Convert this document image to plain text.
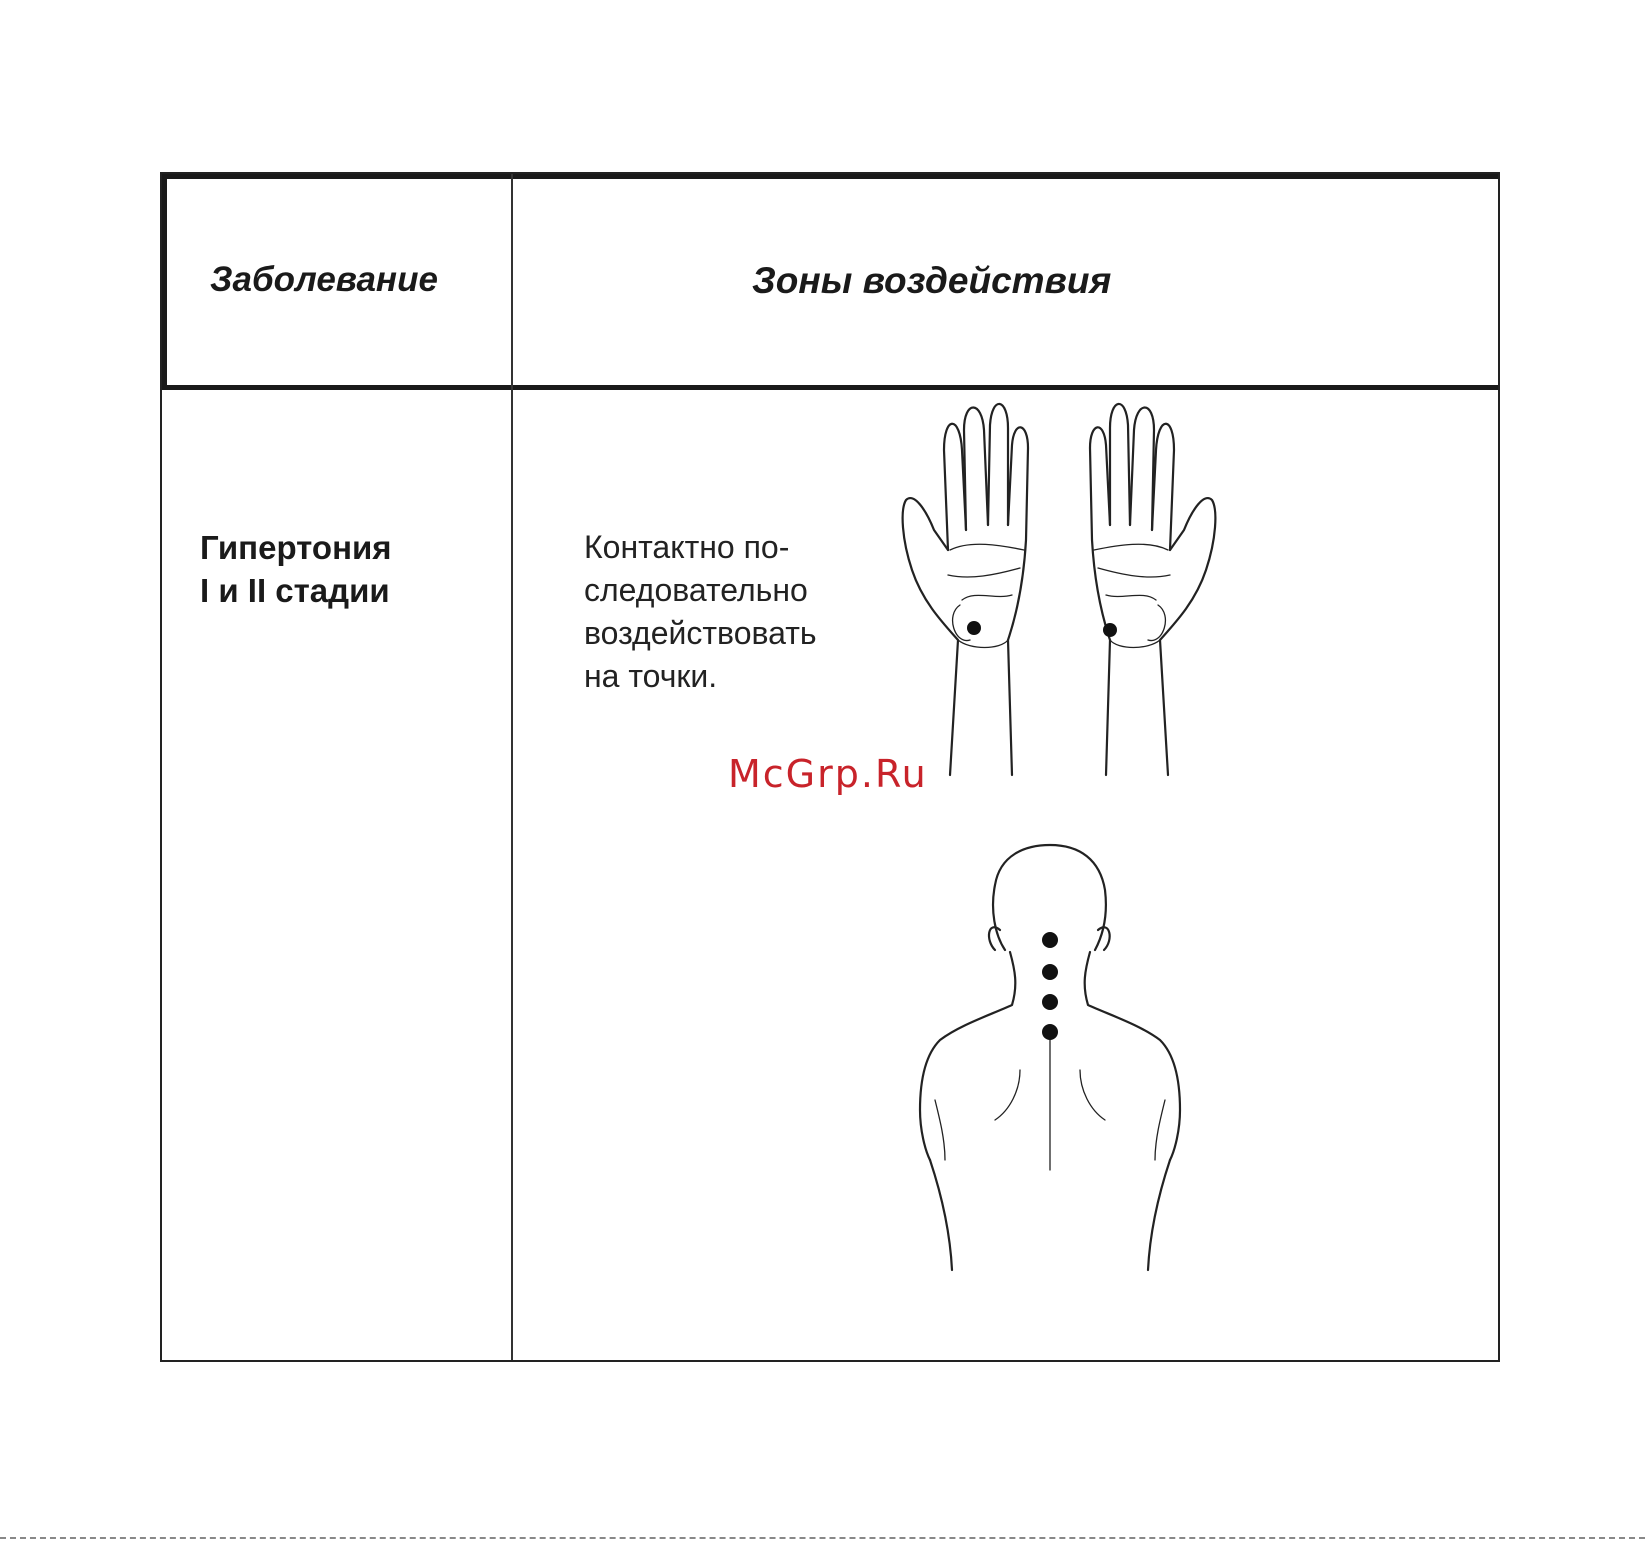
Заболевание	Зоны воздействия
Гипертония
I и II стадии
Контактно по-
следовательно
воздействовать
на точки.
McGrp.Ru
